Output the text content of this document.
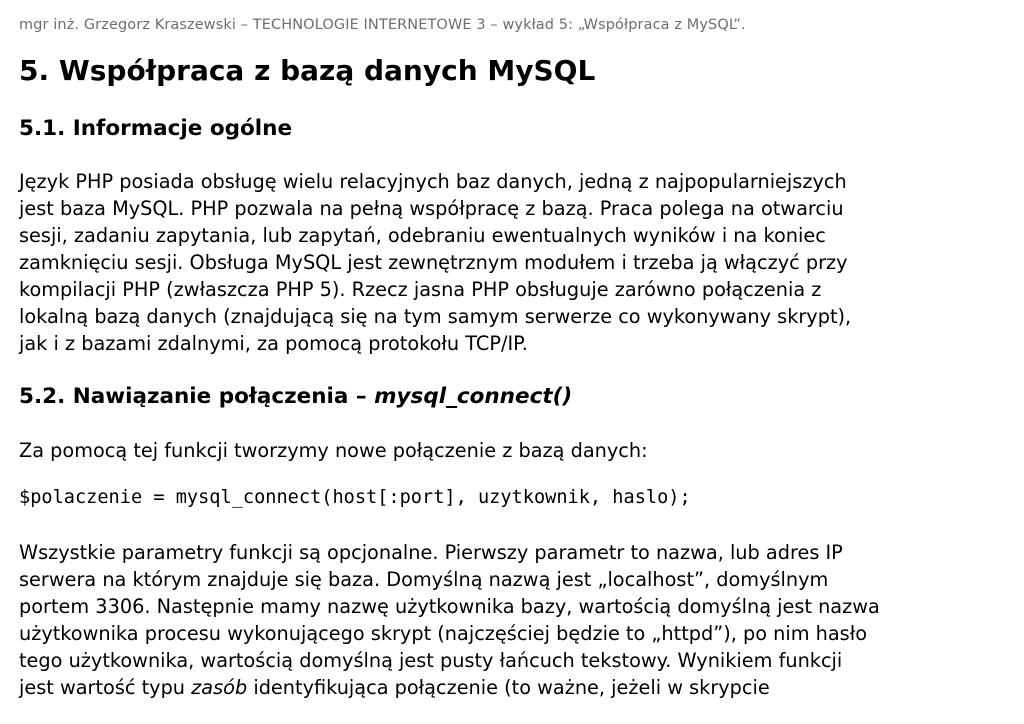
mgr inż. Grzegorz Kraszewski – TECHNOLOGIE INTERNETOWE 3 – wykład 5: „Współpraca z MySQL”.
5. Współpraca z bazą danych MySQL
5.1. Informacje ogólne

Język PHP posiada obsługę wielu relacyjnych baz danych, jedną z najpopularniejszych
jest baza MySQL. PHP pozwala na pełną współpracę z bazą. Praca polega na otwarciu
sesji, zadaniu zapytania, lub zapytań, odebraniu ewentualnych wyników i na koniec
zamknięciu sesji. Obsługa MySQL jest zewnętrznym modułem i trzeba ją włączyć przy
kompilacji PHP (zwłaszcza PHP 5). Rzecz jasna PHP obsługuje zarówno połączenia z
lokalną bazą danych (znajdującą się na tym samym serwerze co wykonywany skrypt),
jak i z bazami zdalnymi, za pomocą protokołu TCP/IP.

5.2. Nawiązanie połączenia – mysql_connect()

Za pomocą tej funkcji tworzymy nowe połączenie z bazą danych:

$polaczenie = mysql_connect(host[:port], uzytkownik, haslo);

Wszystkie parametry funkcji są opcjonalne. Pierwszy parametr to nazwa, lub adres IP
serwera na którym znajduje się baza. Domyślną nazwą jest „localhost”, domyślnym
portem 3306. Następnie mamy nazwę użytkownika bazy, wartością domyślną jest nazwa
użytkownika procesu wykonującego skrypt (najczęściej będzie to „httpd”), po nim hasło
tego użytkownika, wartością domyślną jest pusty łańcuch tekstowy. Wynikiem funkcji
jest wartość typu zasób identyfikująca połączenie (to ważne, jeżeli w skrypcie
